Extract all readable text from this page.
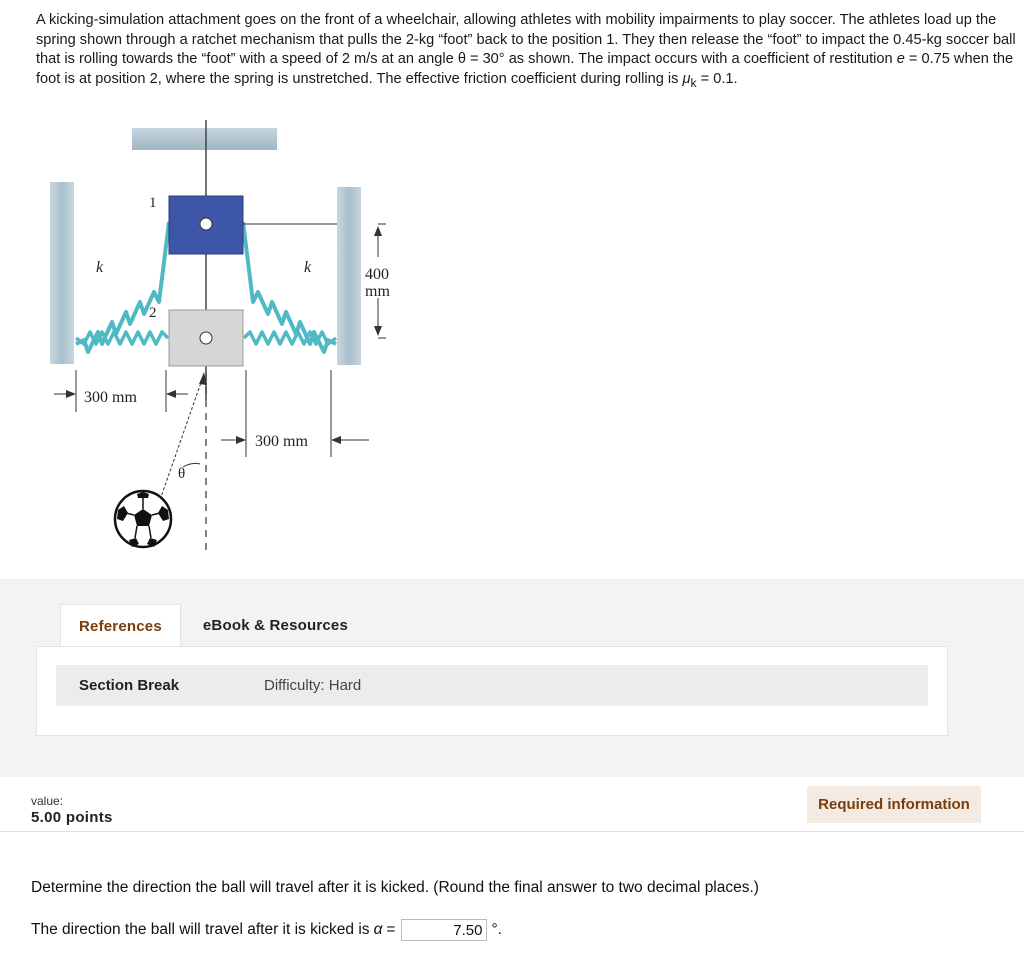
A kicking-simulation attachment goes on the front of a wheelchair, allowing athletes with mobility impairments to play soccer. The athletes load up the spring shown through a ratchet mechanism that pulls the 2-kg “foot” back to the position 1. They then release the “foot” to impact the 0.45-kg soccer ball that is rolling towards the “foot” with a speed of 2 m/s at an angle θ = 30° as shown. The impact occurs with a coefficient of restitution e = 0.75 when the foot is at position 2, where the spring is unstretched. The effective friction coefficient during rolling is $\mu_k = 0.1$.
1
2
k	k	400
mm
300 mm
300 mm
θ
References	eBook & Resources
Section Break	Difficulty: Hard
value:
5.00 points
Required information
Determine the direction the ball will travel after it is kicked. (Round the final answer to two decimal places.)
The direction the ball will travel after it is kicked is α =
7.50	°.
